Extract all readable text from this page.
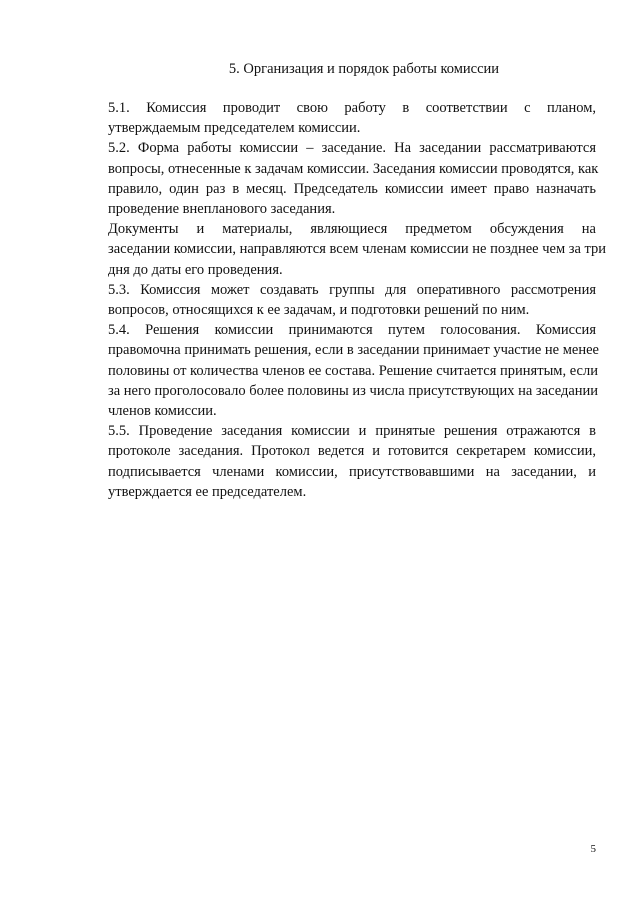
5. Организация и порядок работы комиссии
5.1. Комиссия проводит свою работу в соответствии с планом,
утверждаемым председателем комиссии.
5.2. Форма работы комиссии – заседание. На заседании рассматриваются
вопросы, отнесенные к задачам комиссии. Заседания комиссии проводятся, как
правило, один раз в месяц. Председатель комиссии имеет право назначать
проведение внепланового заседания.
Документы и материалы, являющиеся предметом обсуждения на
заседании комиссии, направляются всем членам комиссии не позднее чем за три
дня до даты его проведения.
5.3. Комиссия может создавать группы для оперативного рассмотрения
вопросов, относящихся к ее задачам, и подготовки решений по ним.
5.4. Решения комиссии принимаются путем голосования. Комиссия
правомочна принимать решения, если в заседании принимает участие не менее
половины от количества членов ее состава. Решение считается принятым, если
за него проголосовало более половины из числа присутствующих на заседании
членов комиссии.
5.5. Проведение заседания комиссии и принятые решения отражаются в
протоколе заседания. Протокол ведется и готовится секретарем комиссии,
подписывается членами комиссии, присутствовавшими на заседании, и
утверждается ее председателем.
5
